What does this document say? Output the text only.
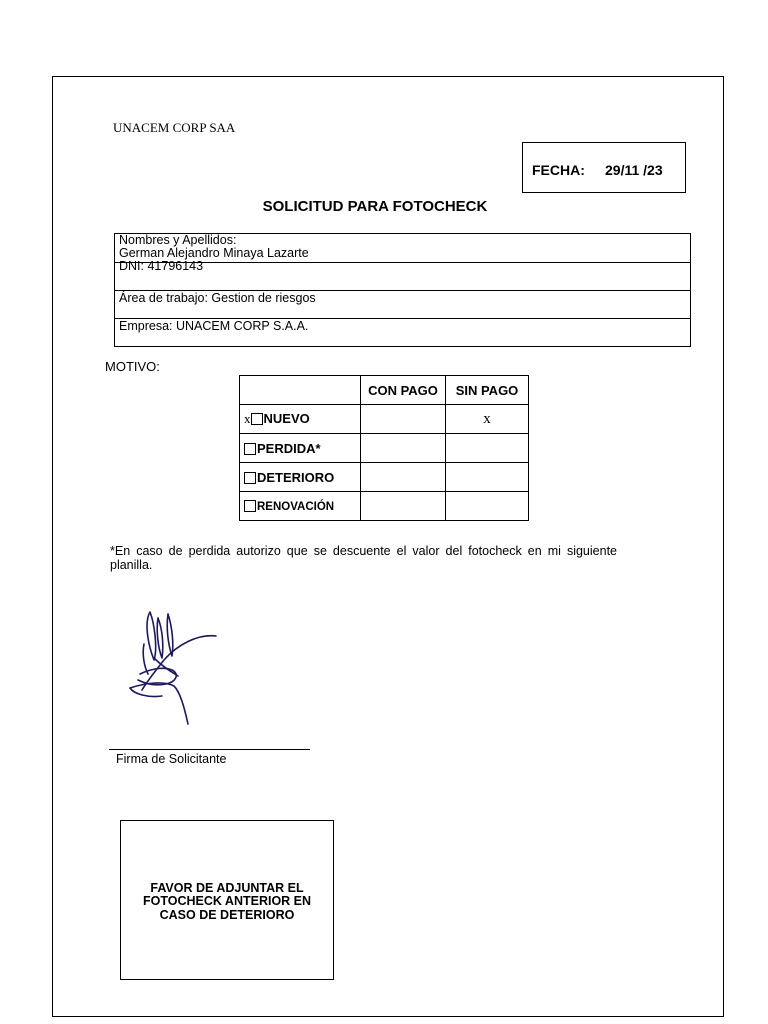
UNACEM CORP SAA
FECHA: 29/11 /23
SOLICITUD PARA FOTOCHECK
Nombres y Apellidos:
German Alejandro Minaya Lazarte
DNI: 41796143
Área de trabajo: Gestion de riesgos
Empresa: UNACEM CORP S.A.A.
MOTIVO:
	CON PAGO	SIN PAGO
x NUEVO		x
PERDIDA*		
DETERIORO		
RENOVACIÓN		
*En caso de perdida autorizo que se descuente el valor del fotocheck en mi siguiente planilla.
Firma de Solicitante
FAVOR DE ADJUNTAR EL FOTOCHECK ANTERIOR EN CASO DE DETERIORO
